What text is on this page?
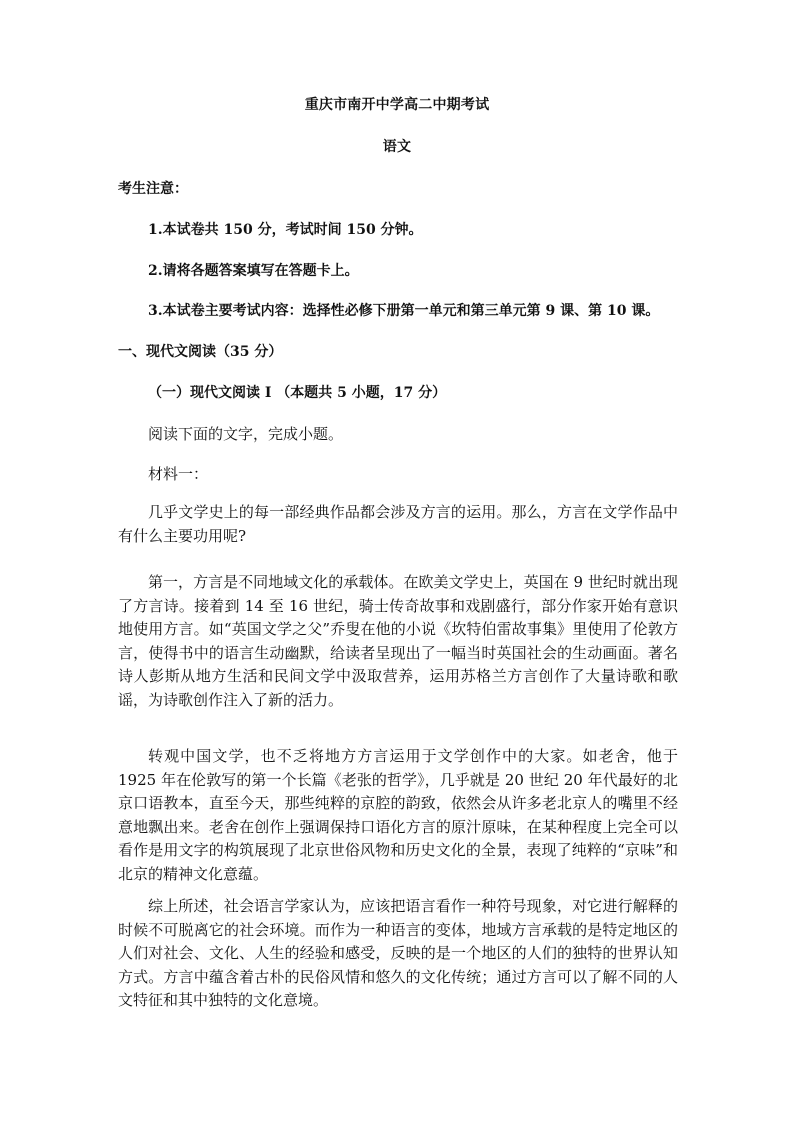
重庆市南开中学高二中期考试
语文
考生注意：
1.本试卷共 150 分，考试时间 150 分钟。
2.请将各题答案填写在答题卡上。
3.本试卷主要考试内容：选择性必修下册第一单元和第三单元第 9 课、第 10 课。
一、现代文阅读（35 分）
（一）现代文阅读 I （本题共 5 小题，17 分）
阅读下面的文字，完成小题。
材料一：
几乎文学史上的每一部经典作品都会涉及方言的运用。那么，方言在文学作品中有什么主要功用呢?
第一，方言是不同地域文化的承载体。在欧美文学史上，英国在 9 世纪时就出现了方言诗。接着到 14 至 16 世纪，骑士传奇故事和戏剧盛行，部分作家开始有意识地使用方言。如“英国文学之父”乔叟在他的小说《坎特伯雷故事集》里使用了伦敦方言，使得书中的语言生动幽默，给读者呈现出了一幅当时英国社会的生动画面。著名诗人彭斯从地方生活和民间文学中汲取营养，运用苏格兰方言创作了大量诗歌和歌谣，为诗歌创作注入了新的活力。
转观中国文学，也不乏将地方方言运用于文学创作中的大家。如老舍，他于 1925 年在伦敦写的第一个长篇《老张的哲学》，几乎就是 20 世纪 20 年代最好的北京口语教本，直至今天，那些纯粹的京腔的韵致，依然会从许多老北京人的嘴里不经意地飘出来。老舍在创作上强调保持口语化方言的原汁原味，在某种程度上完全可以看作是用文字的构筑展现了北京世俗风物和历史文化的全景，表现了纯粹的“京味”和北京的精神文化意蕴。
综上所述，社会语言学家认为，应该把语言看作一种符号现象，对它进行解释的时候不可脱离它的社会环境。而作为一种语言的变体，地域方言承载的是特定地区的人们对社会、文化、人生的经验和感受，反映的是一个地区的人们的独特的世界认知方式。方言中蕴含着古朴的民俗风情和悠久的文化传统；通过方言可以了解不同的人文特征和其中独特的文化意境。
